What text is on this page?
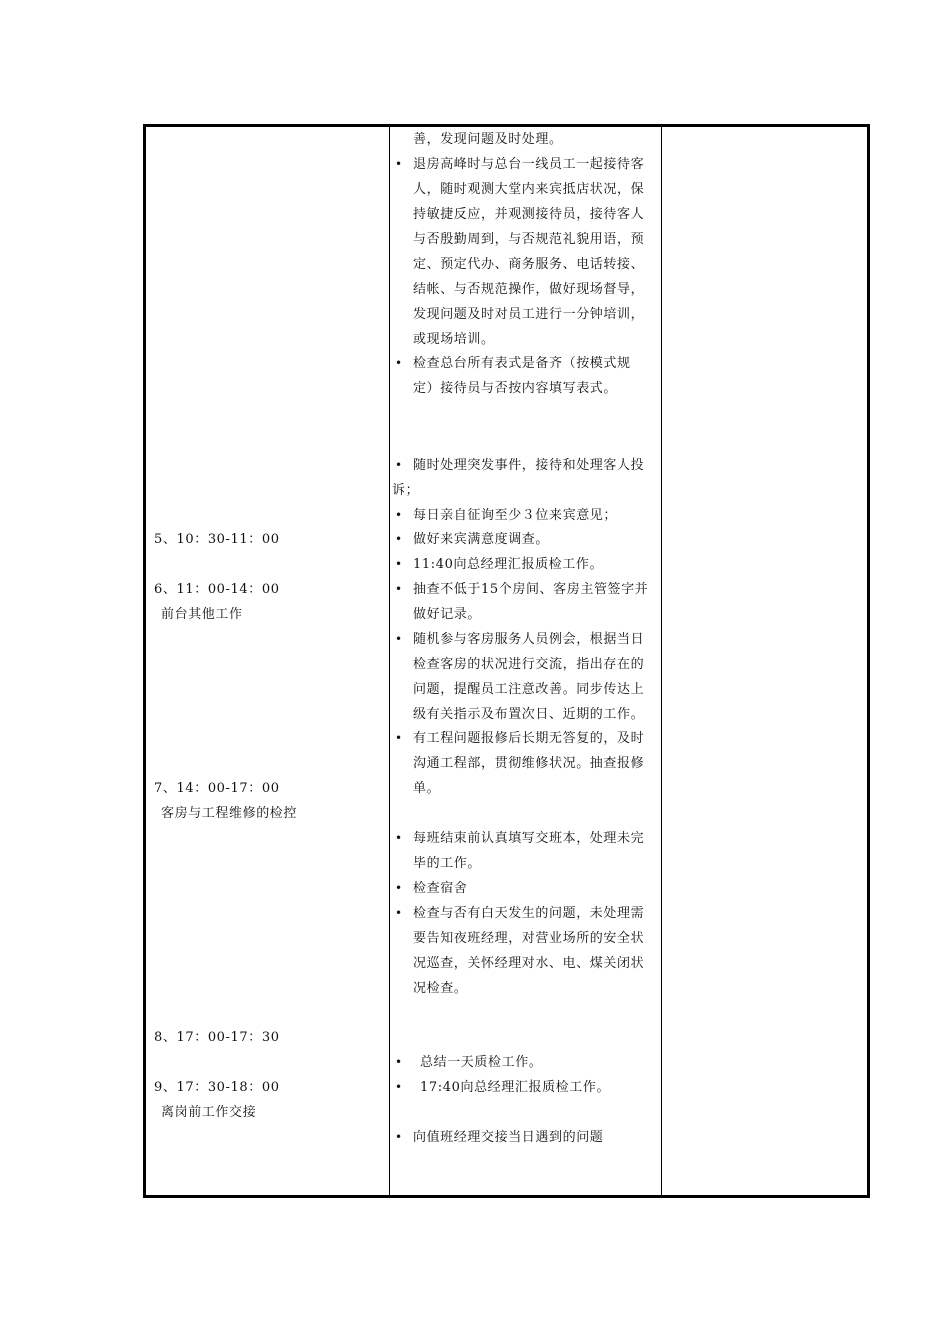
5、10：30-11：00
6、11：00-14：00
前台其他工作
7、14：00-17：00
客房与工程维修的检控
8、17：00-17：30
9、17：30-18：00
离岗前工作交接
善，发现问题及时处理。
• 退房高峰时与总台一线员工一起接待客
人，随时观测大堂内来宾抵店状况，保
持敏捷反应，并观测接待员，接待客人
与否殷勤周到，与否规范礼貌用语，预
定、预定代办、商务服务、电话转接、
结帐、与否规范操作，做好现场督导，
发现问题及时对员工进行一分钟培训，
或现场培训。
• 检查总台所有表式是备齐（按模式规
定）接待员与否按内容填写表式。
• 随时处理突发事件，接待和处理客人投
诉；
• 每日亲自征询至少３位来宾意见；
• 做好来宾满意度调查。
• 11:40向总经理汇报质检工作。
• 抽查不低于15个房间、客房主管签字并
做好记录。
• 随机参与客房服务人员例会，根据当日
检查客房的状况进行交流，指出存在的
问题，提醒员工注意改善。同步传达上
级有关指示及布置次日、近期的工作。
• 有工程问题报修后长期无答复的，及时
沟通工程部，贯彻维修状况。抽查报修
单。
• 每班结束前认真填写交班本，处理未完
毕的工作。
• 检查宿舍
• 检查与否有白天发生的问题，未处理需
要告知夜班经理，对营业场所的安全状
况巡查，关怀经理对水、电、煤关闭状
况检查。
• 总结一天质检工作。
• 17:40向总经理汇报质检工作。
• 向值班经理交接当日遇到的问题
